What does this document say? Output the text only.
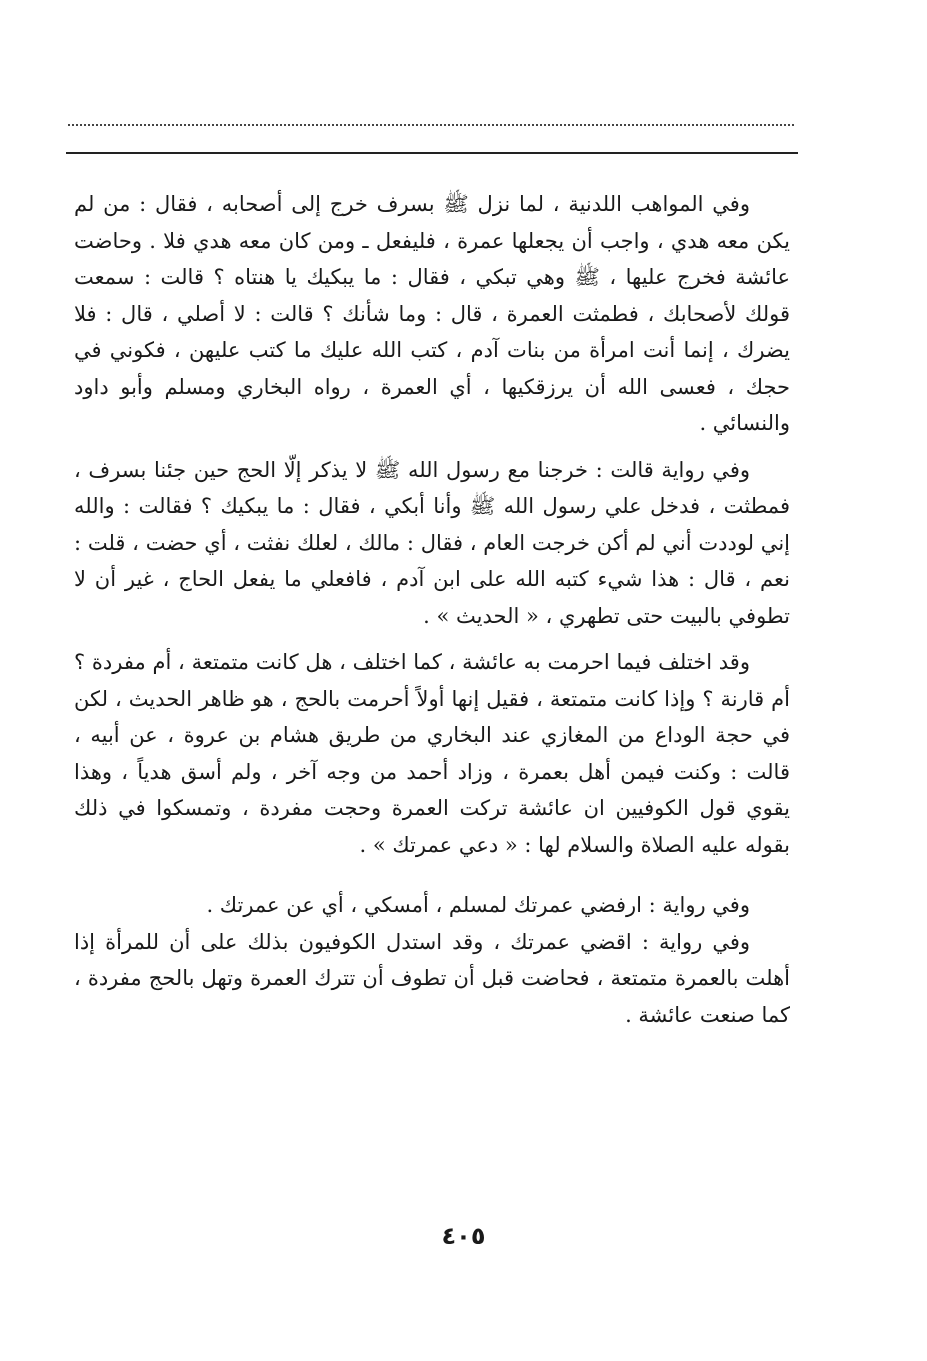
وفي المواهب اللدنية ، لما نزل ﷺ بسرف خرج إلى أصحابه ، فقال : من لم يكن معه هدي ، واجب أن يجعلها عمرة ، فليفعل ـ ومن كان معه هدي فلا . وحاضت عائشة فخرج عليها ، ﷺ وهي تبكي ، فقال : ما يبكيك يا هنتاه ؟ قالت : سمعت قولك لأصحابك ، فطمثت العمرة ، قال : وما شأنك ؟ قالت : لا أصلي ، قال : فلا يضرك ، إنما أنت امرأة من بنات آدم ، كتب الله عليك ما كتب عليهن ، فكوني في حجك ، فعسى الله أن يرزقكيها ، أي العمرة ، رواه البخاري ومسلم وأبو داود والنسائي .

وفي رواية قالت : خرجنا مع رسول الله ﷺ لا يذكر إلّا الحج حين جئنا بسرف ، فمطثت ، فدخل علي رسول الله ﷺ وأنا أبكي ، فقال : ما يبكيك ؟ فقالت : والله إني لوددت أني لم أكن خرجت العام ، فقال : مالك ، لعلك نفثت ، أي حضت ، قلت : نعم ، قال : هذا شيء كتبه الله على ابن آدم ، فافعلي ما يفعل الحاج ، غير أن لا تطوفي بالبيت حتى تطهري ، « الحديث » .

وقد اختلف فيما احرمت به عائشة ، كما اختلف ، هل كانت متمتعة ، أم مفردة ؟ أم قارنة ؟ وإذا كانت متمتعة ، فقيل إنها أولاً أحرمت بالحج ، هو ظاهر الحديث ، لكن في حجة الوداع من المغازي عند البخاري من طريق هشام بن عروة ، عن أبيه ، قالت : وكنت فيمن أهل بعمرة ، وزاد أحمد من وجه آخر ، ولم أسق هدياً ، وهذا يقوي قول الكوفيين ان عائشة تركت العمرة وحجت مفردة ، وتمسكوا في ذلك بقوله عليه الصلاة والسلام لها : « دعي عمرتك » .

وفي رواية : ارفضي عمرتك لمسلم ، أمسكي ، أي عن عمرتك .

وفي رواية : اقضي عمرتك ، وقد استدل الكوفيون بذلك على أن للمرأة إذا أهلت بالعمرة متمتعة ، فحاضت قبل أن تطوف أن تترك العمرة وتهل بالحج مفردة ، كما صنعت عائشة .

٤٠٥
